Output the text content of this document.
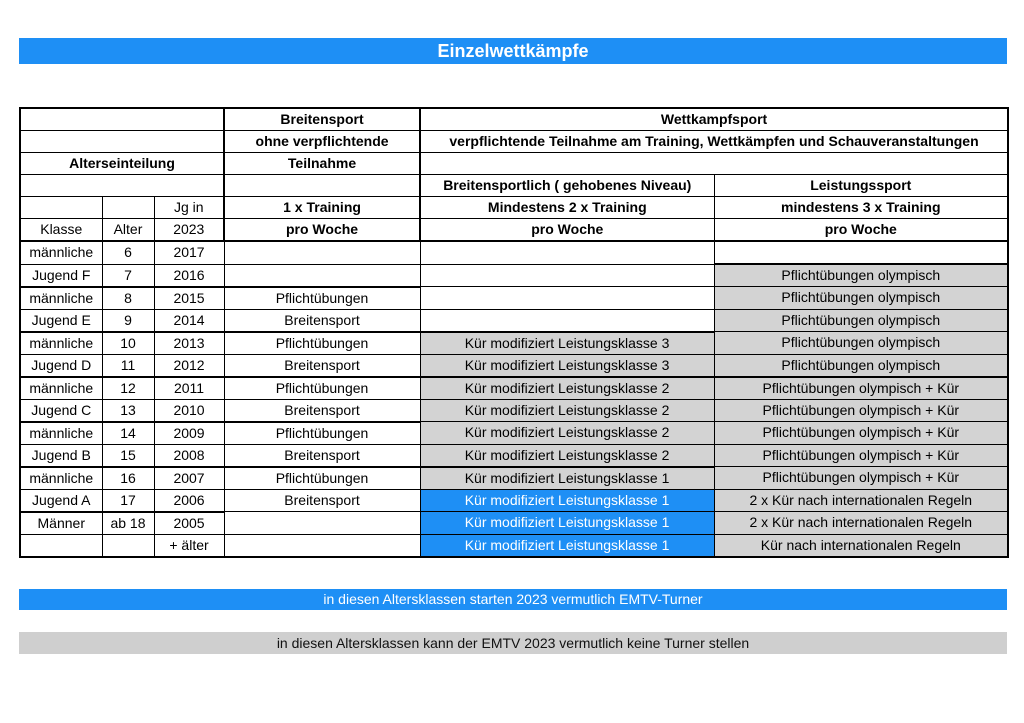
Einzelwettkämpfe
			Breitensport	Wettkampfsport	
			ohne verpflichtende	verpflichtende Teilnahme am Training, Wettkämpfen und Schauveranstaltungen	
Alterseinteilung			Teilnahme		
				Breitensportlich ( gehobenes Niveau)	Leistungssport
		Jg in	1 x Training	Mindestens 2 x Training	mindestens 3 x Training
Klasse	Alter	2023	pro Woche	pro Woche	pro Woche
männliche	6	2017			
Jugend F	7	2016			Pflichtübungen olympisch
männliche	8	2015	Pflichtübungen		Pflichtübungen olympisch
Jugend E	9	2014	Breitensport		Pflichtübungen olympisch
männliche	10	2013	Pflichtübungen	Kür modifiziert Leistungsklasse 3	Pflichtübungen olympisch
Jugend D	11	2012	Breitensport	Kür modifiziert Leistungsklasse 3	Pflichtübungen olympisch
männliche	12	2011	Pflichtübungen	Kür modifiziert Leistungsklasse 2	Pflichtübungen olympisch + Kür
Jugend C	13	2010	Breitensport	Kür modifiziert Leistungsklasse 2	Pflichtübungen olympisch + Kür
männliche	14	2009	Pflichtübungen	Kür modifiziert Leistungsklasse 2	Pflichtübungen olympisch + Kür
Jugend B	15	2008	Breitensport	Kür modifiziert Leistungsklasse 2	Pflichtübungen olympisch + Kür
männliche	16	2007	Pflichtübungen	Kür modifiziert Leistungsklasse 1	Pflichtübungen olympisch + Kür
Jugend A	17	2006	Breitensport	Kür modifiziert Leistungsklasse 1	2 x Kür nach internationalen Regeln
Männer	ab 18	2005		Kür modifiziert Leistungsklasse 1	2 x Kür nach internationalen Regeln
		+ älter		Kür modifiziert Leistungsklasse 1	Kür nach internationalen Regeln
in diesen Altersklassen starten 2023 vermutlich EMTV-Turner
in diesen Altersklassen kann der EMTV 2023 vermutlich keine Turner stellen
